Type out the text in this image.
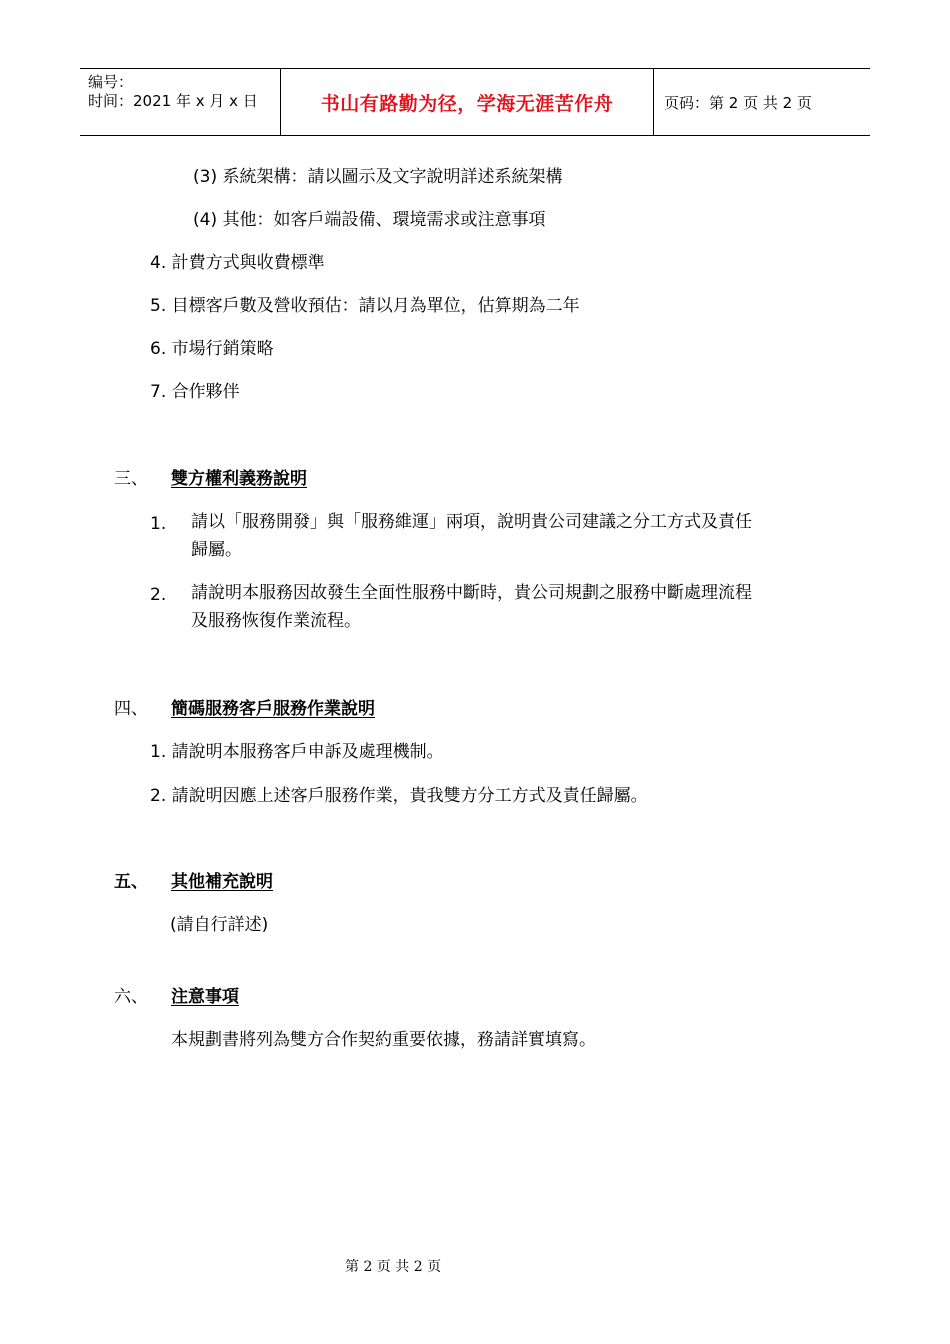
编号：
时间：2021 年 x 月 x 日	书山有路勤为径，学海无涯苦作舟	页码：第 2 页 共 2 页
(3) 系統架構：請以圖示及文字說明詳述系統架構
(4) 其他：如客戶端設備、環境需求或注意事項
4. 計費方式與收費標準
5. 目標客戶數及營收預估：請以月為單位，估算期為二年
6. 市場行銷策略
7. 合作夥伴
三、 雙方權利義務說明
1. 請以「服務開發」與「服務維運」兩項，說明貴公司建議之分工方式及責任
歸屬。
2. 請說明本服務因故發生全面性服務中斷時，貴公司規劃之服務中斷處理流程
及服務恢復作業流程。
四、 簡碼服務客戶服務作業說明
1. 請說明本服務客戶申訴及處理機制。
2. 請說明因應上述客戶服務作業，貴我雙方分工方式及責任歸屬。
五、 其他補充說明
(請自行詳述)
六、 注意事項
本規劃書將列為雙方合作契約重要依據，務請詳實填寫。
第 2 页 共 2 页
